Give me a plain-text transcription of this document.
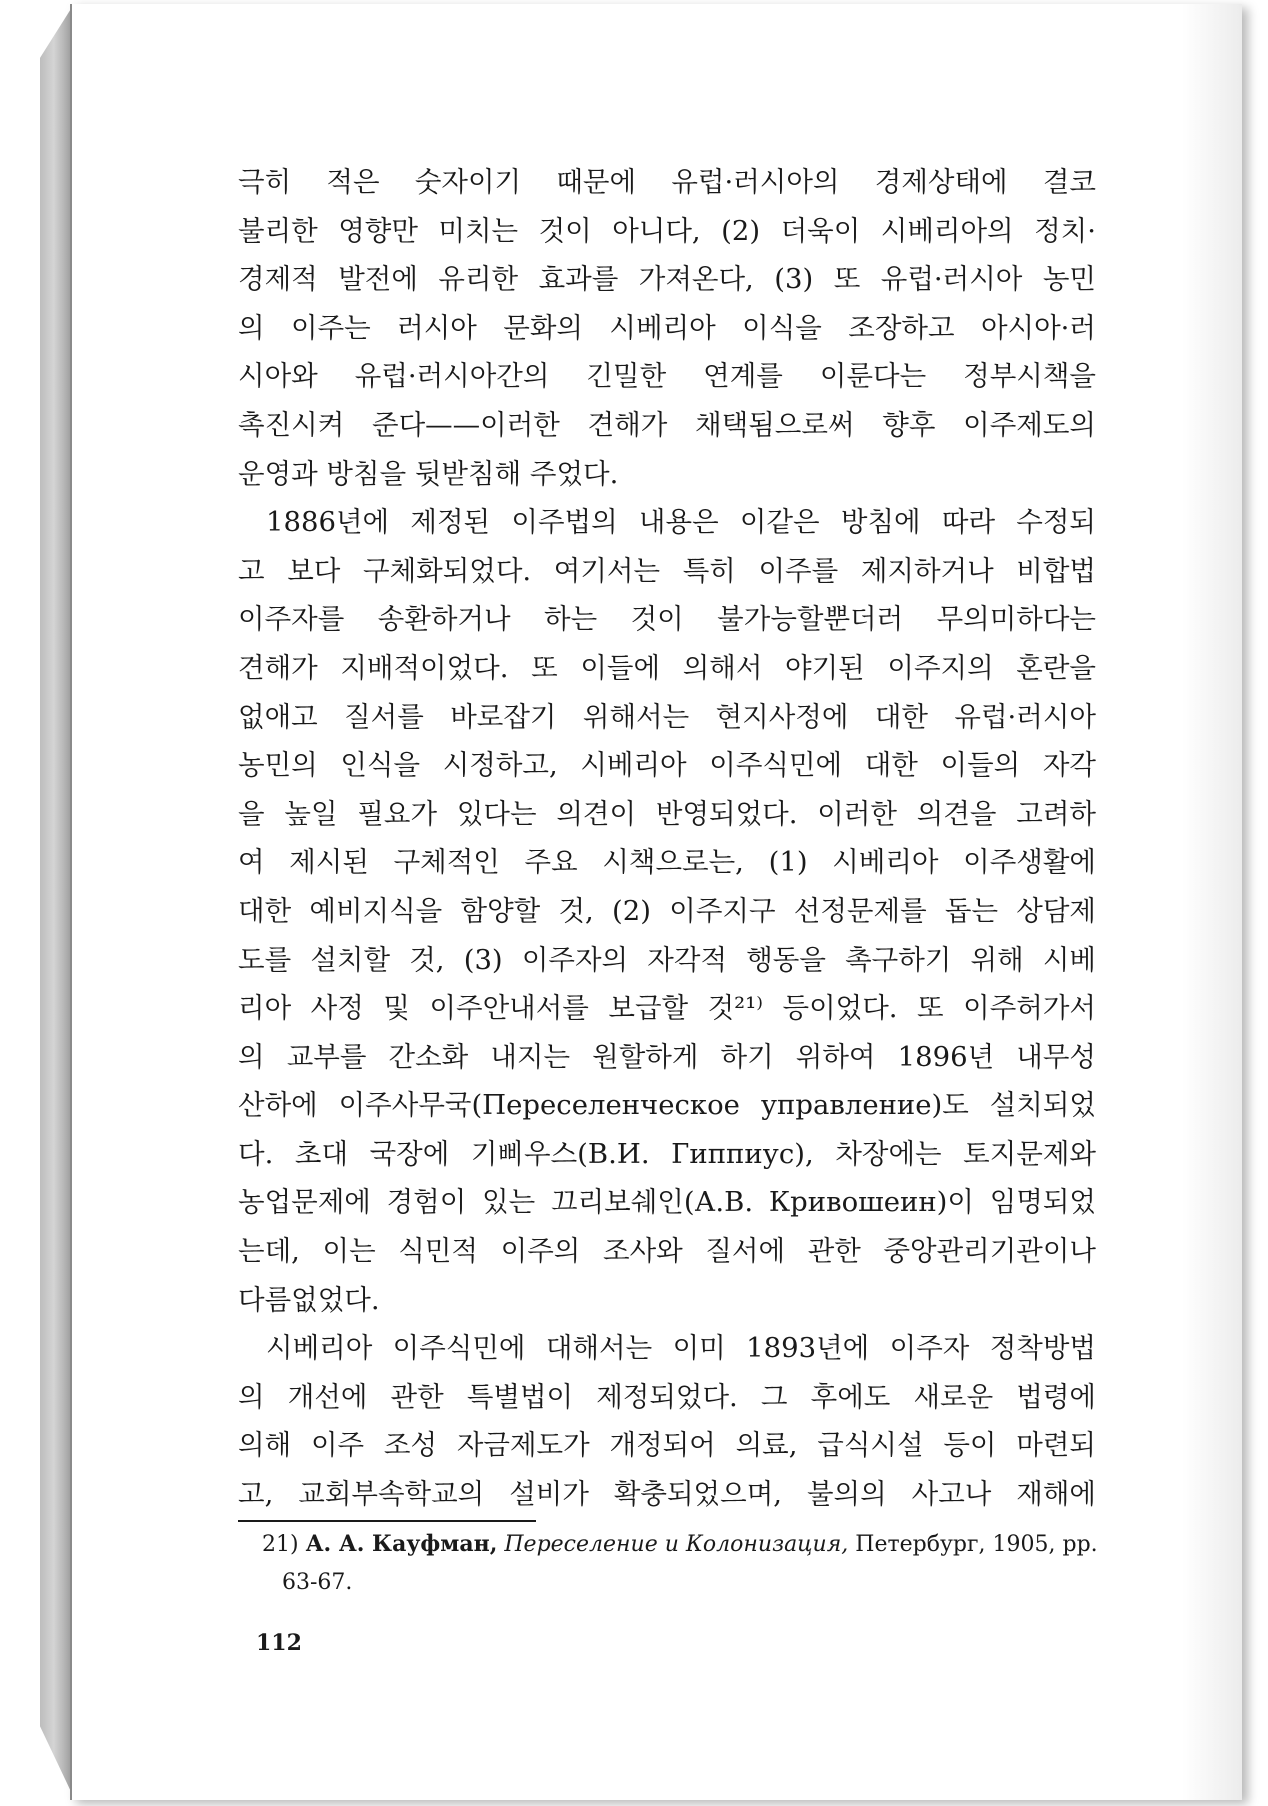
극히 적은 숫자이기 때문에 유럽·러시아의 경제상태에 결코
불리한 영향만 미치는 것이 아니다, (2) 더욱이 시베리아의 정치·
경제적 발전에 유리한 효과를 가져온다, (3) 또 유럽·러시아 농민
의 이주는 러시아 문화의 시베리아 이식을 조장하고 아시아·러
시아와 유럽·러시아간의 긴밀한 연계를 이룬다는 정부시책을
촉진시켜 준다——이러한 견해가 채택됨으로써 향후 이주제도의
운영과 방침을 뒷받침해 주었다.
1886년에 제정된 이주법의 내용은 이같은 방침에 따라 수정되
고 보다 구체화되었다. 여기서는 특히 이주를 제지하거나 비합법
이주자를 송환하거나 하는 것이 불가능할뿐더러 무의미하다는
견해가 지배적이었다. 또 이들에 의해서 야기된 이주지의 혼란을
없애고 질서를 바로잡기 위해서는 현지사정에 대한 유럽·러시아
농민의 인식을 시정하고, 시베리아 이주식민에 대한 이들의 자각
을 높일 필요가 있다는 의견이 반영되었다. 이러한 의견을 고려하
여 제시된 구체적인 주요 시책으로는, (1) 시베리아 이주생활에
대한 예비지식을 함양할 것, (2) 이주지구 선정문제를 돕는 상담제
도를 설치할 것, (3) 이주자의 자각적 행동을 촉구하기 위해 시베
리아 사정 및 이주안내서를 보급할 것²¹⁾ 등이었다. 또 이주허가서
의 교부를 간소화 내지는 원할하게 하기 위하여 1896년 내무성
산하에 이주사무국(Переселенческое управление)도 설치되었
다. 초대 국장에 기삐우스(В.И. Гиппиус), 차장에는 토지문제와
농업문제에 경험이 있는 끄리보쉐인(А.В. Кривошеин)이 임명되었
는데, 이는 식민적 이주의 조사와 질서에 관한 중앙관리기관이나
다름없었다.
시베리아 이주식민에 대해서는 이미 1893년에 이주자 정착방법
의 개선에 관한 특별법이 제정되었다. 그 후에도 새로운 법령에
의해 이주 조성 자금제도가 개정되어 의료, 급식시설 등이 마련되
고, 교회부속학교의 설비가 확충되었으며, 불의의 사고나 재해에
21) А. А. Кауфман, Переселение и Колонизация, Петербург, 1905, pp.
63-67.
112
